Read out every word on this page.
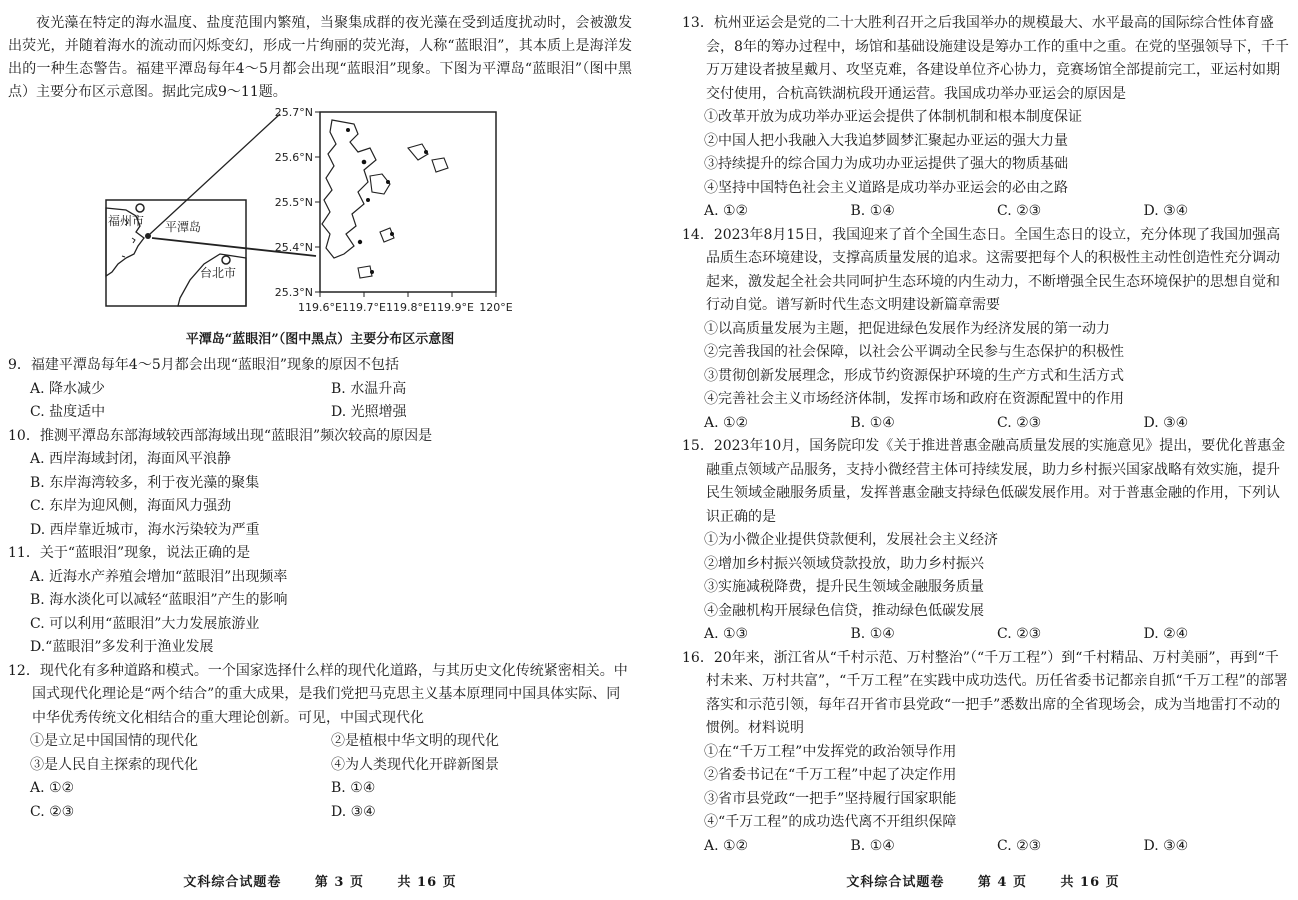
夜光藻在特定的海水温度、盐度范围内繁殖，当聚集成群的夜光藻在受到适度扰动时，会被激发出荧光，并随着海水的流动而闪烁变幻，形成一片绚丽的荧光海，人称“蓝眼泪”，其本质上是海洋发出的一种生态警告。福建平潭岛每年4～5月都会出现“蓝眼泪”现象。下图为平潭岛“蓝眼泪”（图中黑点）主要分布区示意图。据此完成9～11题。

福州市 平潭岛
台北市
25.7°N
25.6°N
25.5°N
25.4°N
25.3°N
119.6°E 119.7°E 119.8°E 119.9°E 120°E

平潭岛“蓝眼泪”（图中黑点）主要分布区示意图

9．福建平潭岛每年4～5月都会出现“蓝眼泪”现象的原因不包括

A. 降水减少	B. 水温升高
C. 盐度适中	D. 光照增强

10．推测平潭岛东部海域较西部海域出现“蓝眼泪”频次较高的原因是

A. 西岸海域封闭，海面风平浪静

B. 东岸海湾较多，利于夜光藻的聚集

C. 东岸为迎风侧，海面风力强劲

D. 西岸靠近城市，海水污染较为严重

11．关于“蓝眼泪”现象，说法正确的是

A. 近海水产养殖会增加“蓝眼泪”出现频率

B. 海水淡化可以减轻“蓝眼泪”产生的影响

C. 可以利用“蓝眼泪”大力发展旅游业

D.“蓝眼泪”多发利于渔业发展

12．现代化有多种道路和模式。一个国家选择什么样的现代化道路，与其历史文化传统紧密相关。中国式现代化理论是“两个结合”的重大成果，是我们党把马克思主义基本原理同中国具体实际、同中华优秀传统文化相结合的重大理论创新。可见，中国式现代化

①是立足中国国情的现代化	②是植根中华文明的现代化
③是人民自主探索的现代化	④为人类现代化开辟新图景
A. ①②	B. ①④
C. ②③	D. ③④
文科综合试题卷	第 3 页	共 16 页

13．杭州亚运会是党的二十大胜利召开之后我国举办的规模最大、水平最高的国际综合性体育盛会，8年的筹办过程中，场馆和基础设施建设是筹办工作的重中之重。在党的坚强领导下，千千万万建设者披星戴月、攻坚克难，各建设单位齐心协力，竞赛场馆全部提前完工，亚运村如期交付使用，合杭高铁湖杭段开通运营。我国成功举办亚运会的原因是

①改革开放为成功举办亚运会提供了体制机制和根本制度保证

②中国人把小我融入大我追梦圆梦汇聚起办亚运的强大力量

③持续提升的综合国力为成功办亚运提供了强大的物质基础

④坚持中国特色社会主义道路是成功举办亚运会的必由之路

A. ①②	B. ①④	C. ②③	D. ③④

14．2023年8月15日，我国迎来了首个全国生态日。全国生态日的设立，充分体现了我国加强高品质生态环境建设，支撑高质量发展的追求。这需要把每个人的积极性主动性创造性充分调动起来，激发起全社会共同呵护生态环境的内生动力，不断增强全民生态环境保护的思想自觉和行动自觉。谱写新时代生态文明建设新篇章需要

①以高质量发展为主题，把促进绿色发展作为经济发展的第一动力

②完善我国的社会保障，以社会公平调动全民参与生态保护的积极性

③贯彻创新发展理念，形成节约资源保护环境的生产方式和生活方式

④完善社会主义市场经济体制，发挥市场和政府在资源配置中的作用

A. ①②	B. ①④	C. ②③	D. ③④

15．2023年10月，国务院印发《关于推进普惠金融高质量发展的实施意见》提出，要优化普惠金融重点领域产品服务，支持小微经营主体可持续发展，助力乡村振兴国家战略有效实施，提升民生领域金融服务质量，发挥普惠金融支持绿色低碳发展作用。对于普惠金融的作用，下列认识正确的是

①为小微企业提供贷款便利，发展社会主义经济

②增加乡村振兴领域贷款投放，助力乡村振兴

③实施减税降费，提升民生领域金融服务质量

④金融机构开展绿色信贷，推动绿色低碳发展

A. ①③	B. ①④	C. ②③	D. ②④

16．20年来，浙江省从“千村示范、万村整治”（“千万工程”）到“千村精品、万村美丽”，再到“千村未来、万村共富”，“千万工程”在实践中成功迭代。历任省委书记都亲自抓“千万工程”的部署落实和示范引领，每年召开省市县党政“一把手”悉数出席的全省现场会，成为当地雷打不动的惯例。材料说明

①在“千万工程”中发挥党的政治领导作用

②省委书记在“千万工程”中起了决定作用

③省市县党政“一把手”坚持履行国家职能

④“千万工程”的成功迭代离不开组织保障

A. ①②	B. ①④	C. ②③	D. ③④
文科综合试题卷	第 4 页	共 16 页
